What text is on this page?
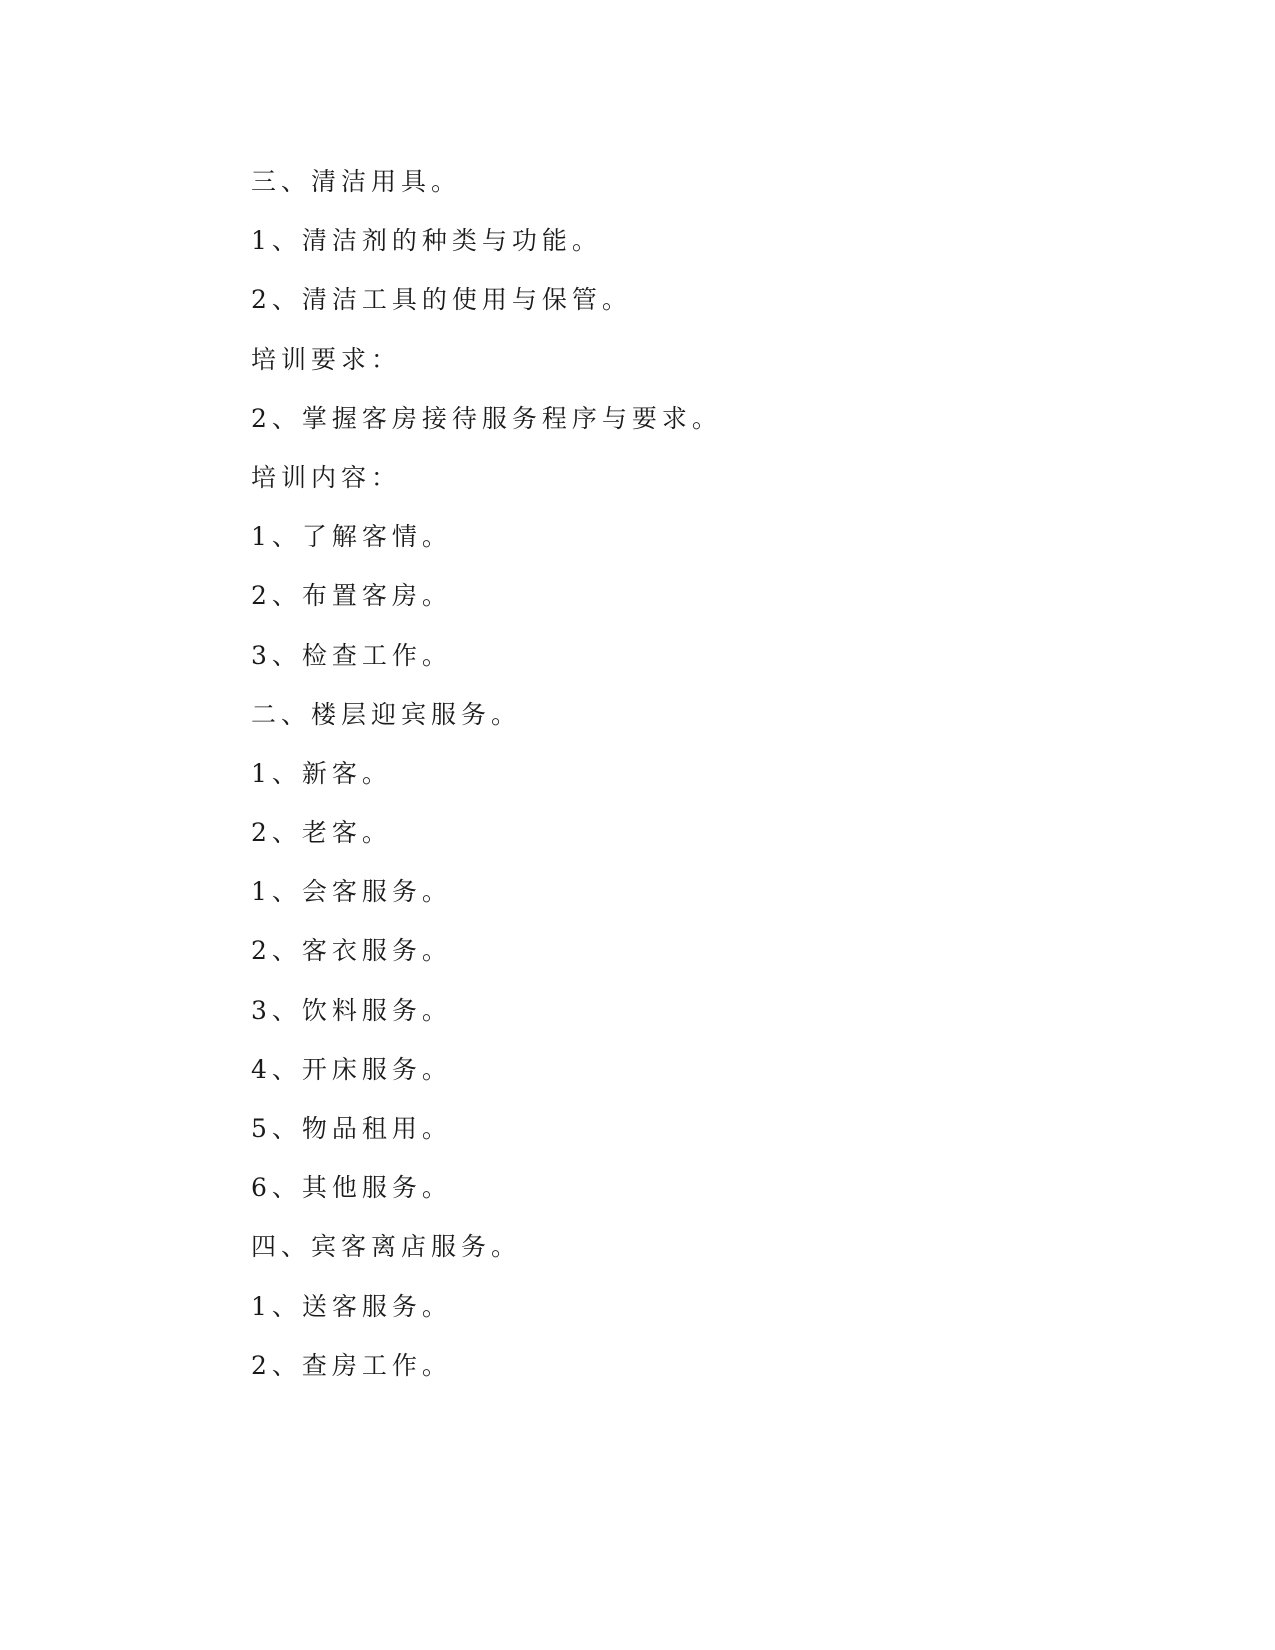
三、清洁用具。

1、清洁剂的种类与功能。

2、清洁工具的使用与保管。

培训要求：

2、掌握客房接待服务程序与要求。

培训内容：

1、了解客情。

2、布置客房。

3、检查工作。

二、楼层迎宾服务。

1、新客。

2、老客。

1、会客服务。

2、客衣服务。

3、饮料服务。

4、开床服务。

5、物品租用。

6、其他服务。

四、宾客离店服务。

1、送客服务。

2、查房工作。
